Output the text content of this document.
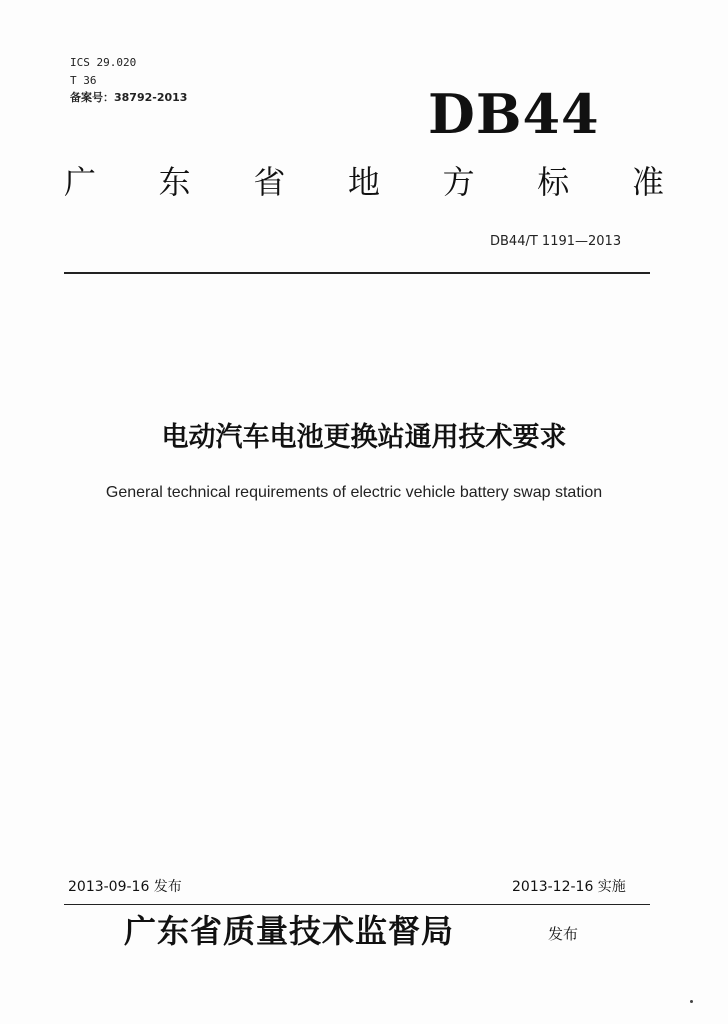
ICS 29.020
T 36
备案号：38792-2013	DB44
广 东 省 地 方 标 准
DB44/T 1191—2013
电动汽车电池更换站通用技术要求
General technical requirements of electric vehicle battery swap station
2013-09-16 发布	2013-12-16 实施
广东省质量技术监督局	发布
